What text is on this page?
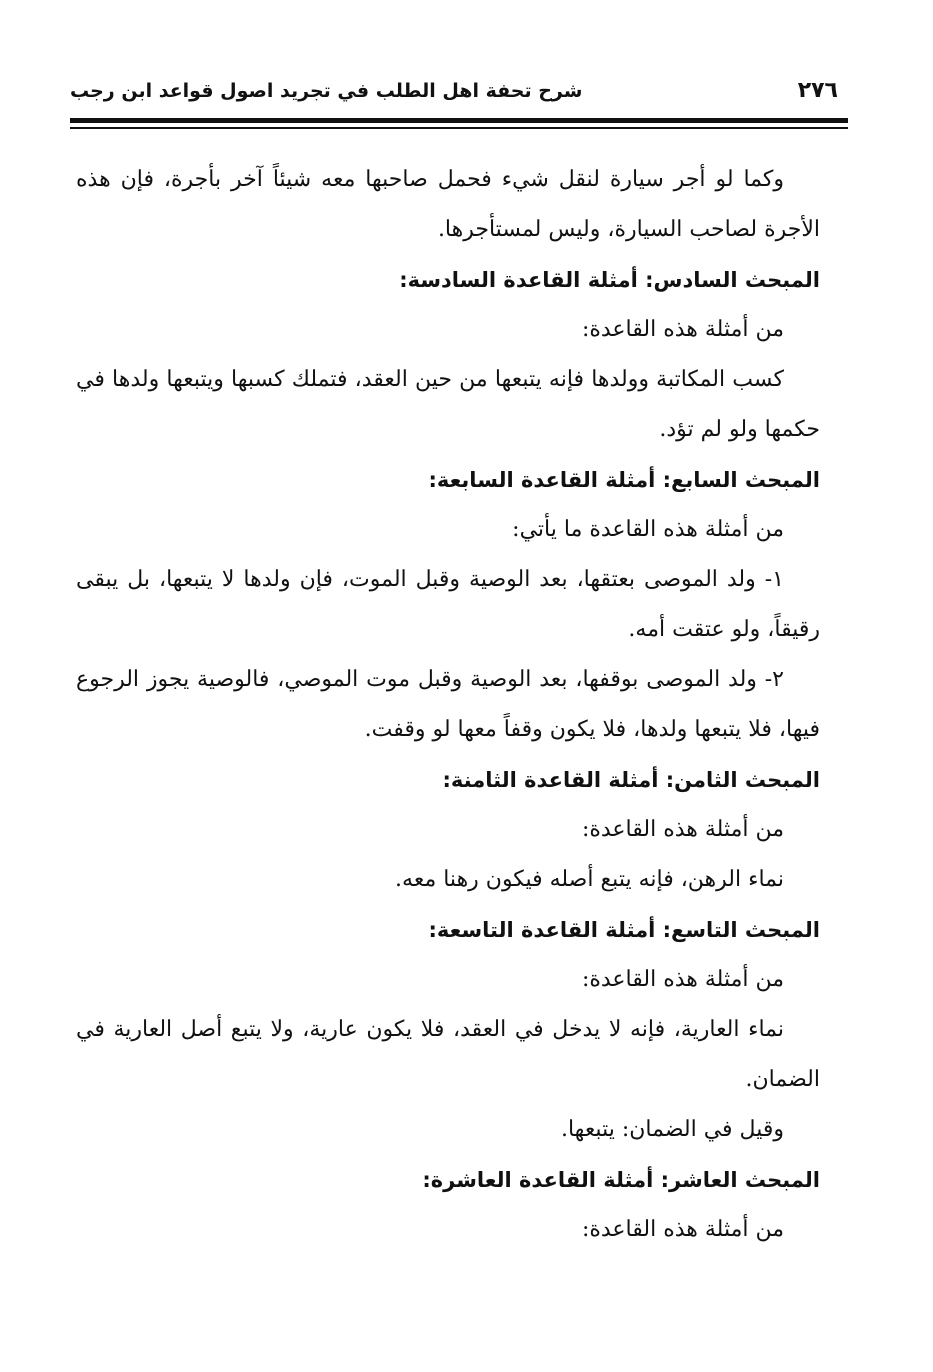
شرح تحفة اهل الطلب في تجريد اصول قواعد ابن رجب	٢٧٦
وكما لو أجر سيارة لنقل شيء فحمل صاحبها معه شيئاً آخر بأجرة، فإن هذه
الأجرة لصاحب السيارة، وليس لمستأجرها.
المبحث السادس: أمثلة القاعدة السادسة:
من أمثلة هذه القاعدة:
كسب المكاتبة وولدها فإنه يتبعها من حين العقد، فتملك كسبها ويتبعها ولدها في
حكمها ولو لم تؤد.
المبحث السابع: أمثلة القاعدة السابعة:
من أمثلة هذه القاعدة ما يأتي:
١- ولد الموصى بعتقها، بعد الوصية وقبل الموت، فإن ولدها لا يتبعها، بل يبقى
رقيقاً، ولو عتقت أمه.
٢- ولد الموصى بوقفها، بعد الوصية وقبل موت الموصي، فالوصية يجوز الرجوع
فيها، فلا يتبعها ولدها، فلا يكون وقفاً معها لو وقفت.
المبحث الثامن: أمثلة القاعدة الثامنة:
من أمثلة هذه القاعدة:
نماء الرهن، فإنه يتبع أصله فيكون رهنا معه.
المبحث التاسع: أمثلة القاعدة التاسعة:
من أمثلة هذه القاعدة:
نماء العارية، فإنه لا يدخل في العقد، فلا يكون عارية، ولا يتبع أصل العارية في
الضمان.
وقيل في الضمان: يتبعها.
المبحث العاشر: أمثلة القاعدة العاشرة:
من أمثلة هذه القاعدة:
